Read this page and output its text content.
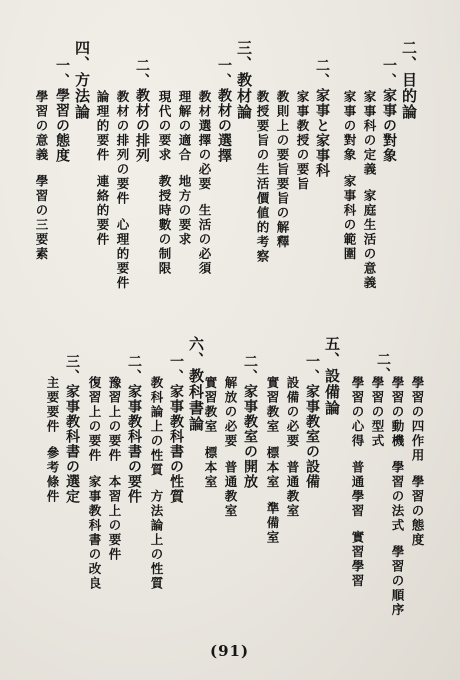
二、目的論
一、家事の對象
家事科の定義家庭生活の意義
家事の對象家事科の範圍
二、家事と家事科
家事教授の要旨
教則上の要旨要旨の解釋
教授要旨の生活價値的考察
三、教材論
一、教材の選擇
教材選擇の必要生活の必須
理解の適合地方の要求
現代の要求教授時數の制限
二、教材の排列
教材の排列の要件心理的要件
論理的要件連絡的要件
四、方法論
一、學習の態度
學習の意義學習の三要素
二、
學習の四作用學習の態度
學習の動機學習の法式學習の順序
學習の型式
學習の心得普通學習實習學習
五、設備論
一、家事教室の設備
設備の必要普通教室
實習教室標本室準備室
二、家事教室の開放
解放の必要普通教室
實習教室標本室
六、教科書論
一、家事教科書の性質
教科論上の性質方法論上の性質
二、家事教科書の要件
豫習上の要件本習上の要件
復習上の要件家事教科書の改良
三、家事教科書の選定
主要要件參考條件
(91)
